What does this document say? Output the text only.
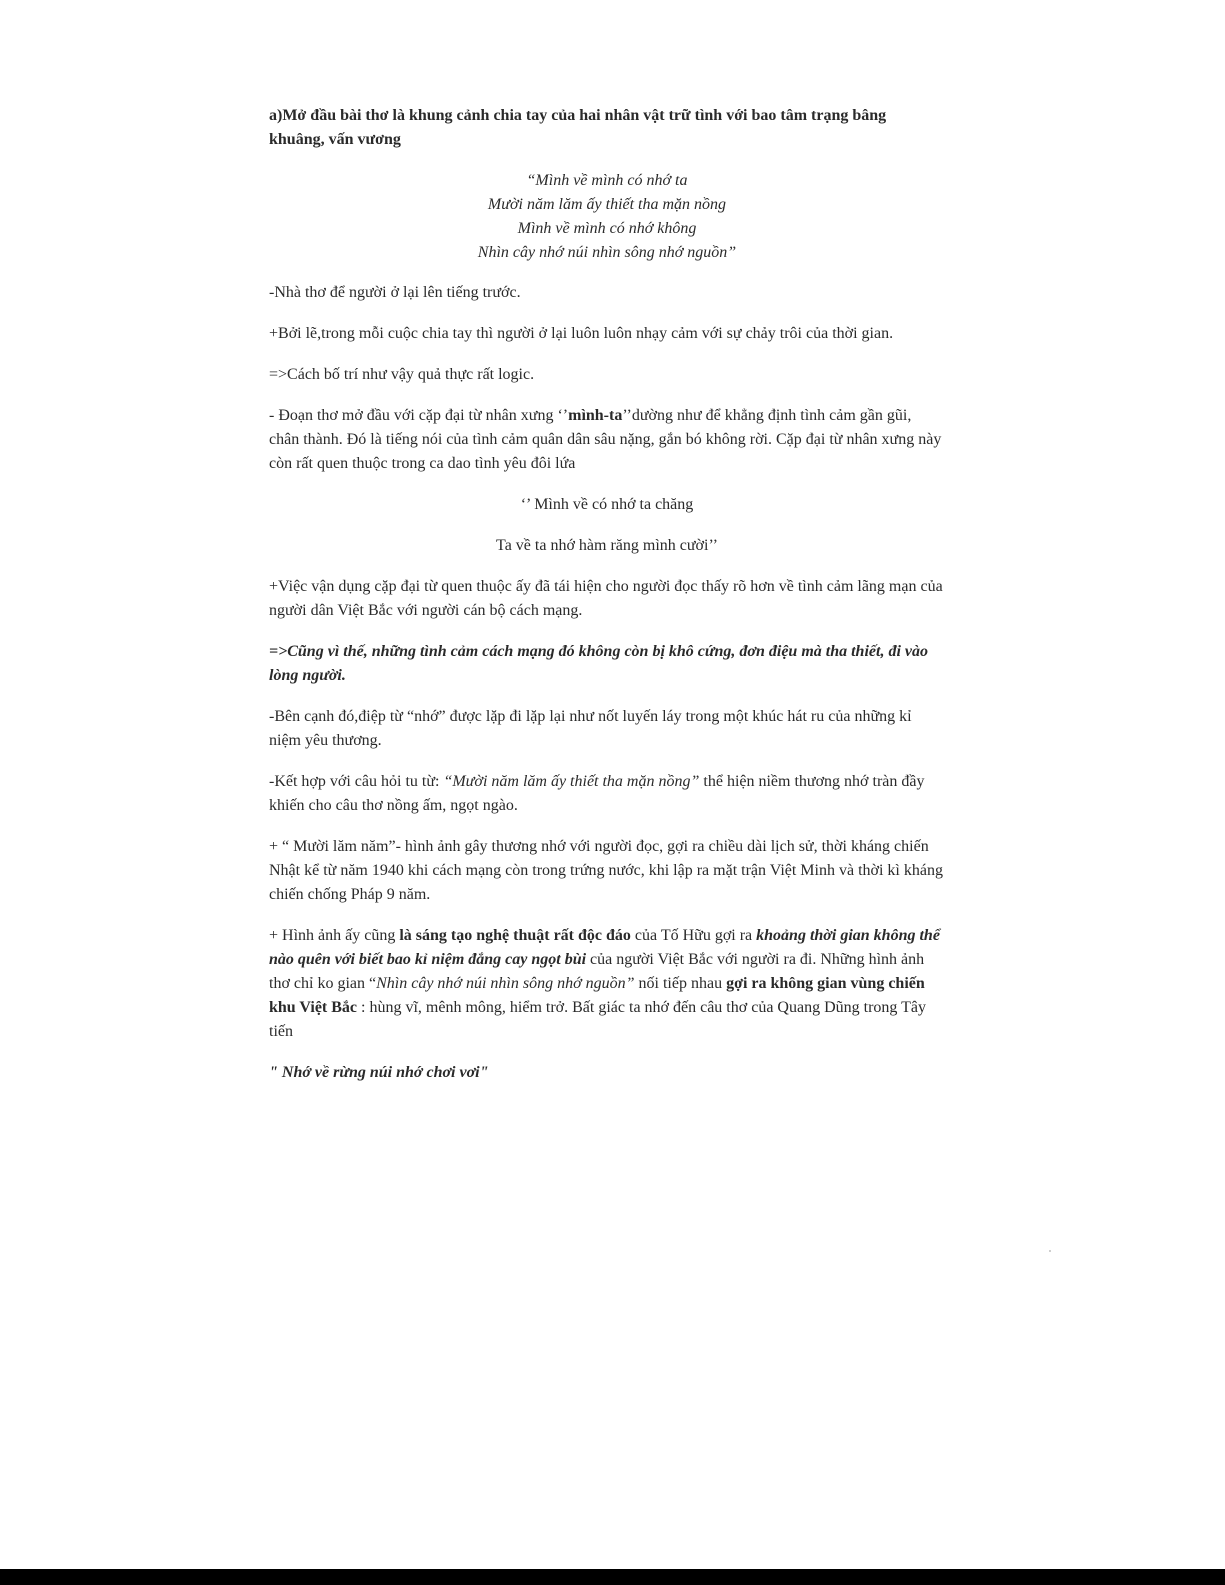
a)Mở đầu bài thơ là khung cảnh chia tay của hai nhân vật trữ tình với bao tâm trạng bâng khuâng, vấn vương

“Mình về mình có nhớ ta
Mười năm lăm ấy thiết tha mặn nồng
Mình về mình có nhớ không
Nhìn cây nhớ núi nhìn sông nhớ nguồn”

-Nhà thơ để người ở lại lên tiếng trước.

+Bởi lẽ,trong mỗi cuộc chia tay thì người ở lại luôn luôn nhạy cảm với sự chảy trôi của thời gian.

=>Cách bố trí như vậy quả thực rất logic.

- Đoạn thơ mở đầu với cặp đại từ nhân xưng ‘’mình-ta’’dường như để khẳng định tình cảm gần gũi, chân thành. Đó là tiếng nói của tình cảm quân dân sâu nặng, gắn bó không rời. Cặp đại từ nhân xưng này còn rất quen thuộc trong ca dao tình yêu đôi lứa

‘’ Mình về có nhớ ta chăng

Ta về ta nhớ hàm răng mình cười’’

+Việc vận dụng cặp đại từ quen thuộc ấy đã tái hiện cho người đọc thấy rõ hơn về tình cảm lãng mạn của người dân Việt Bắc với người cán bộ cách mạng.

=>Cũng vì thế, những tình cảm cách mạng đó không còn bị khô cứng, đơn điệu mà tha thiết, đi vào lòng người.

-Bên cạnh đó,điệp từ “nhớ” được lặp đi lặp lại như nốt luyến láy trong một khúc hát ru của những kỉ niệm yêu thương.

-Kết hợp với câu hỏi tu từ: “Mười năm lăm ấy thiết tha mặn nồng” thể hiện niềm thương nhớ tràn đầy khiến cho câu thơ nồng ấm, ngọt ngào.

+ “ Mười lăm năm”- hình ảnh gây thương nhớ với người đọc, gợi ra chiều dài lịch sử, thời kháng chiến Nhật kể từ năm 1940 khi cách mạng còn trong trứng nước, khi lập ra mặt trận Việt Minh và thời kì kháng chiến chống Pháp 9 năm.

+ Hình ảnh ấy cũng là sáng tạo nghệ thuật rất độc đáo của Tố Hữu gợi ra khoảng thời gian không thể nào quên với biết bao kỉ niệm đắng cay ngọt bùi của người Việt Bắc với người ra đi. Những hình ảnh thơ chỉ ko gian “Nhìn cây nhớ núi nhìn sông nhớ nguồn” nối tiếp nhau gợi ra không gian vùng chiến khu Việt Bắc : hùng vĩ, mênh mông, hiểm trở. Bất giác ta nhớ đến câu thơ của Quang Dũng trong Tây tiến

" Nhớ về rừng núi nhớ chơi vơi"
